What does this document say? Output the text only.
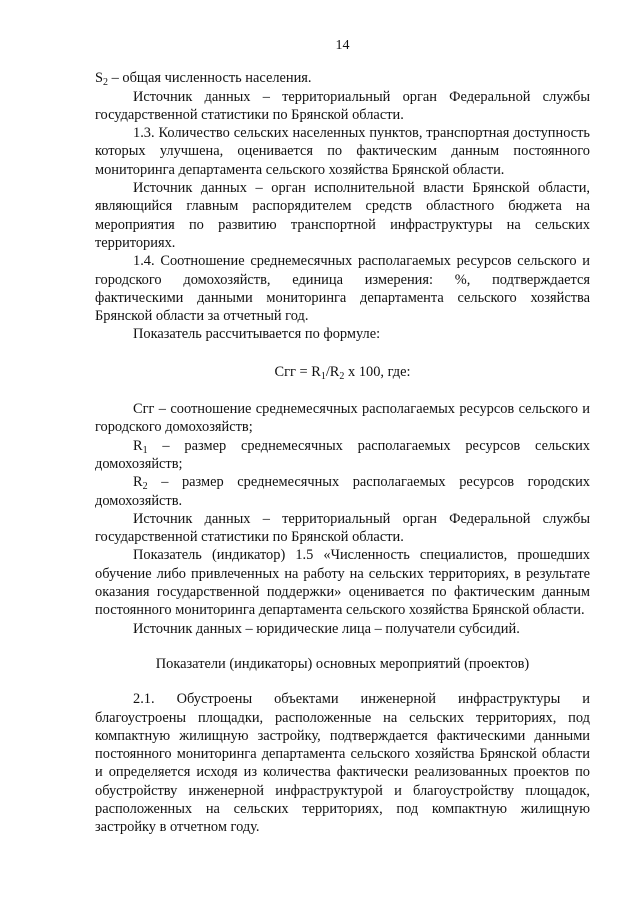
14

$S_2$ – общая численность населения.

Источник данных – территориальный орган Федеральной службы государственной статистики по Брянской области.

1.3. Количество сельских населенных пунктов, транспортная доступность которых улучшена, оценивается по фактическим данным постоянного мониторинга департамента сельского хозяйства Брянской области.

Источник данных – орган исполнительной власти Брянской области, являющийся главным распорядителем средств областного бюджета на мероприятия по развитию транспортной инфраструктуры на сельских территориях.

1.4. Соотношение среднемесячных располагаемых ресурсов сельского и городского домохозяйств, единица измерения: %, подтверждается фактическими данными мониторинга департамента сельского хозяйства Брянской области за отчетный год.

Показатель рассчитывается по формуле:

Сгг = $R_1/R_2$ x 100, где:

Сгг – соотношение среднемесячных располагаемых ресурсов сельского и городского домохозяйств;

$R_1$ – размер среднемесячных располагаемых ресурсов сельских домохозяйств;

$R_2$ – размер среднемесячных располагаемых ресурсов городских домохозяйств.

Источник данных – территориальный орган Федеральной службы государственной статистики по Брянской области.

Показатель (индикатор) 1.5 «Численность специалистов, прошедших обучение либо привлеченных на работу на сельских территориях, в результате оказания государственной поддержки» оценивается по фактическим данным постоянного мониторинга департамента сельского хозяйства Брянской области.

Источник данных – юридические лица – получатели субсидий.

Показатели (индикаторы) основных мероприятий (проектов)

2.1. Обустроены объектами инженерной инфраструктуры и благоустроены площадки, расположенные на сельских территориях, под компактную жилищную застройку, подтверждается фактическими данными постоянного мониторинга департамента сельского хозяйства Брянской области и определяется исходя из количества фактически реализованных проектов по обустройству инженерной инфраструктурой и благоустройству площадок, расположенных на сельских территориях, под компактную жилищную застройку в отчетном году.
